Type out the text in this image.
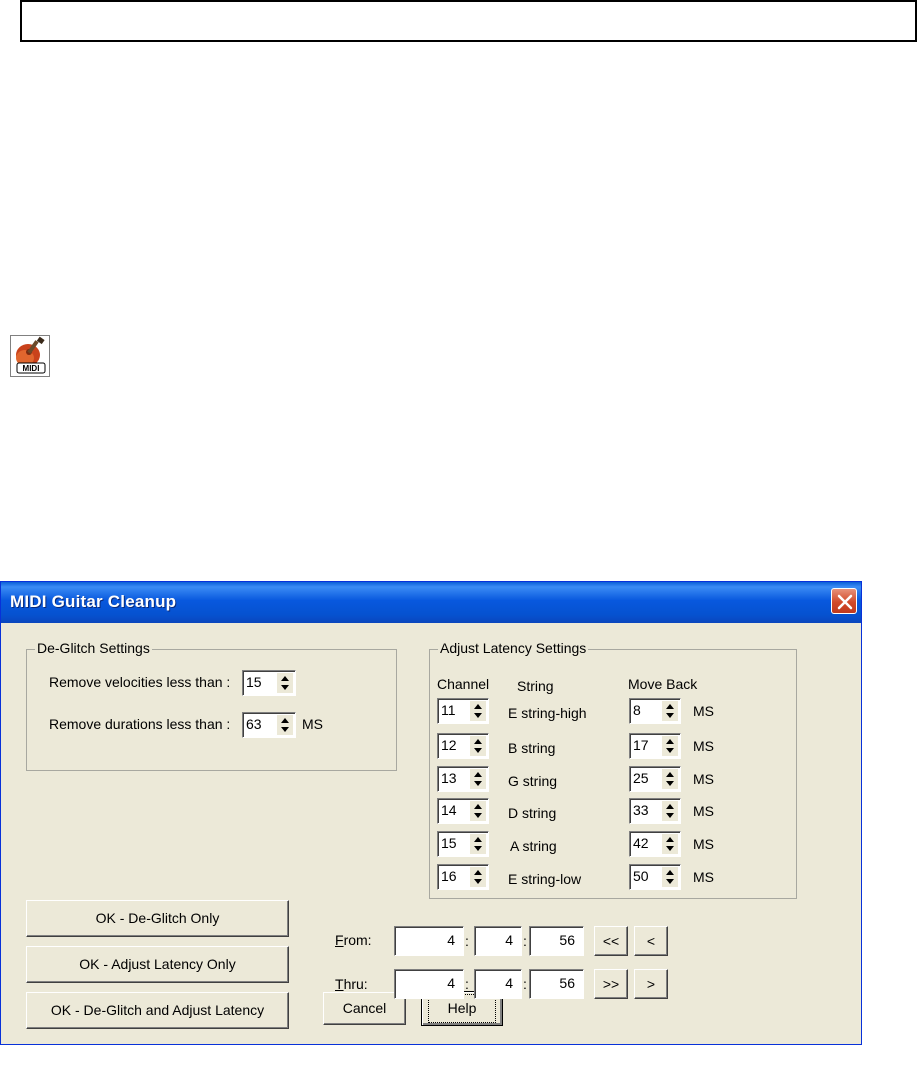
MIDI
MIDI Guitar Cleanup
De-Glitch Settings
Remove velocities less than : 15
Remove durations less than : 63	MS
Adjust Latency Settings
Channel String	Move Back
11	E string-high	8	MS
12	B string	17	MS
13	G string	25	MS
14	D string	33	MS
15	A string	42	MS
16	E string-low	50	MS
OK - De-Glitch Only
OK - Adjust Latency Only
OK - De-Glitch and Adjust Latency	Cancel	Help
From:	4 :	4 :	56	<<	<
Thru:	4 :	4 :	56	>>	>
